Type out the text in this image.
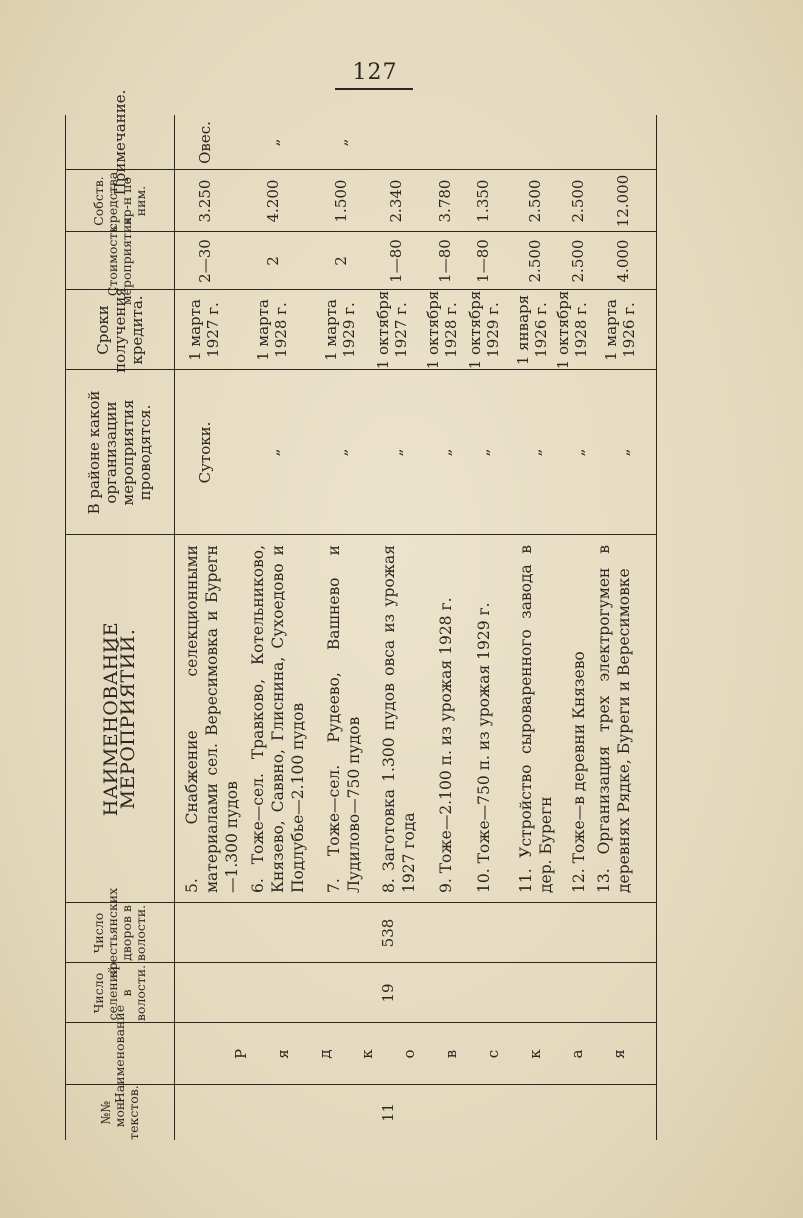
127
№№ мон- текстов.
Наименование
Число селений в волости.
Число крестьянских дворов в волости.
НАИМЕНОВАНИЕ МЕРОПРИЯТИЙ.
В районе какой организации мероприятия проводятся.
Сроки получения кредита.
Стоимость мероприятия
Собств. средства кр-н по ним.
Примечание.
11
19
538
Р я д к о в с к а я
5. Снабжение селекционными материалами сел. Вересимовка и Бурегн—1.300 пудов
Сутоки.
1 марта 1927 г.
2—30
3.250
Овес.
6. Тоже—сел. Травково, Котельниково, Князево, Саввно, Глиснина, Сухоедово и Подлубье—2.100 пудов
„
1 марта 1928 г.
2
4.200
„
7. Тоже—сел. Рудеево, Вашнево и Лудилово—750 пудов
„
1 марта 1929 г.
2
1.500
„
8. Заготовка 1.300 пудов овса из урожая 1927 года
„
1 октября 1927 г.
1—80
2.340
9. Тоже—2.100 п. из урожая 1928 г.
„
1 октября 1928 г.
1—80
3.780
10. Тоже—750 п. из урожая 1929 г.
„
1 октября 1929 г.
1—80
1.350
11. Устройство сыроваренного завода в дер. Бурегн
„
1 января 1926 г.
2.500
2.500
12. Тоже—в деревни Князево
„
1 октября 1928 г.
2.500
2.500
13. Организация трех электрогумен в деревнях Рядке, Буреги и Вересимовке
„
1 марта 1926 г.
4.000
12.000
